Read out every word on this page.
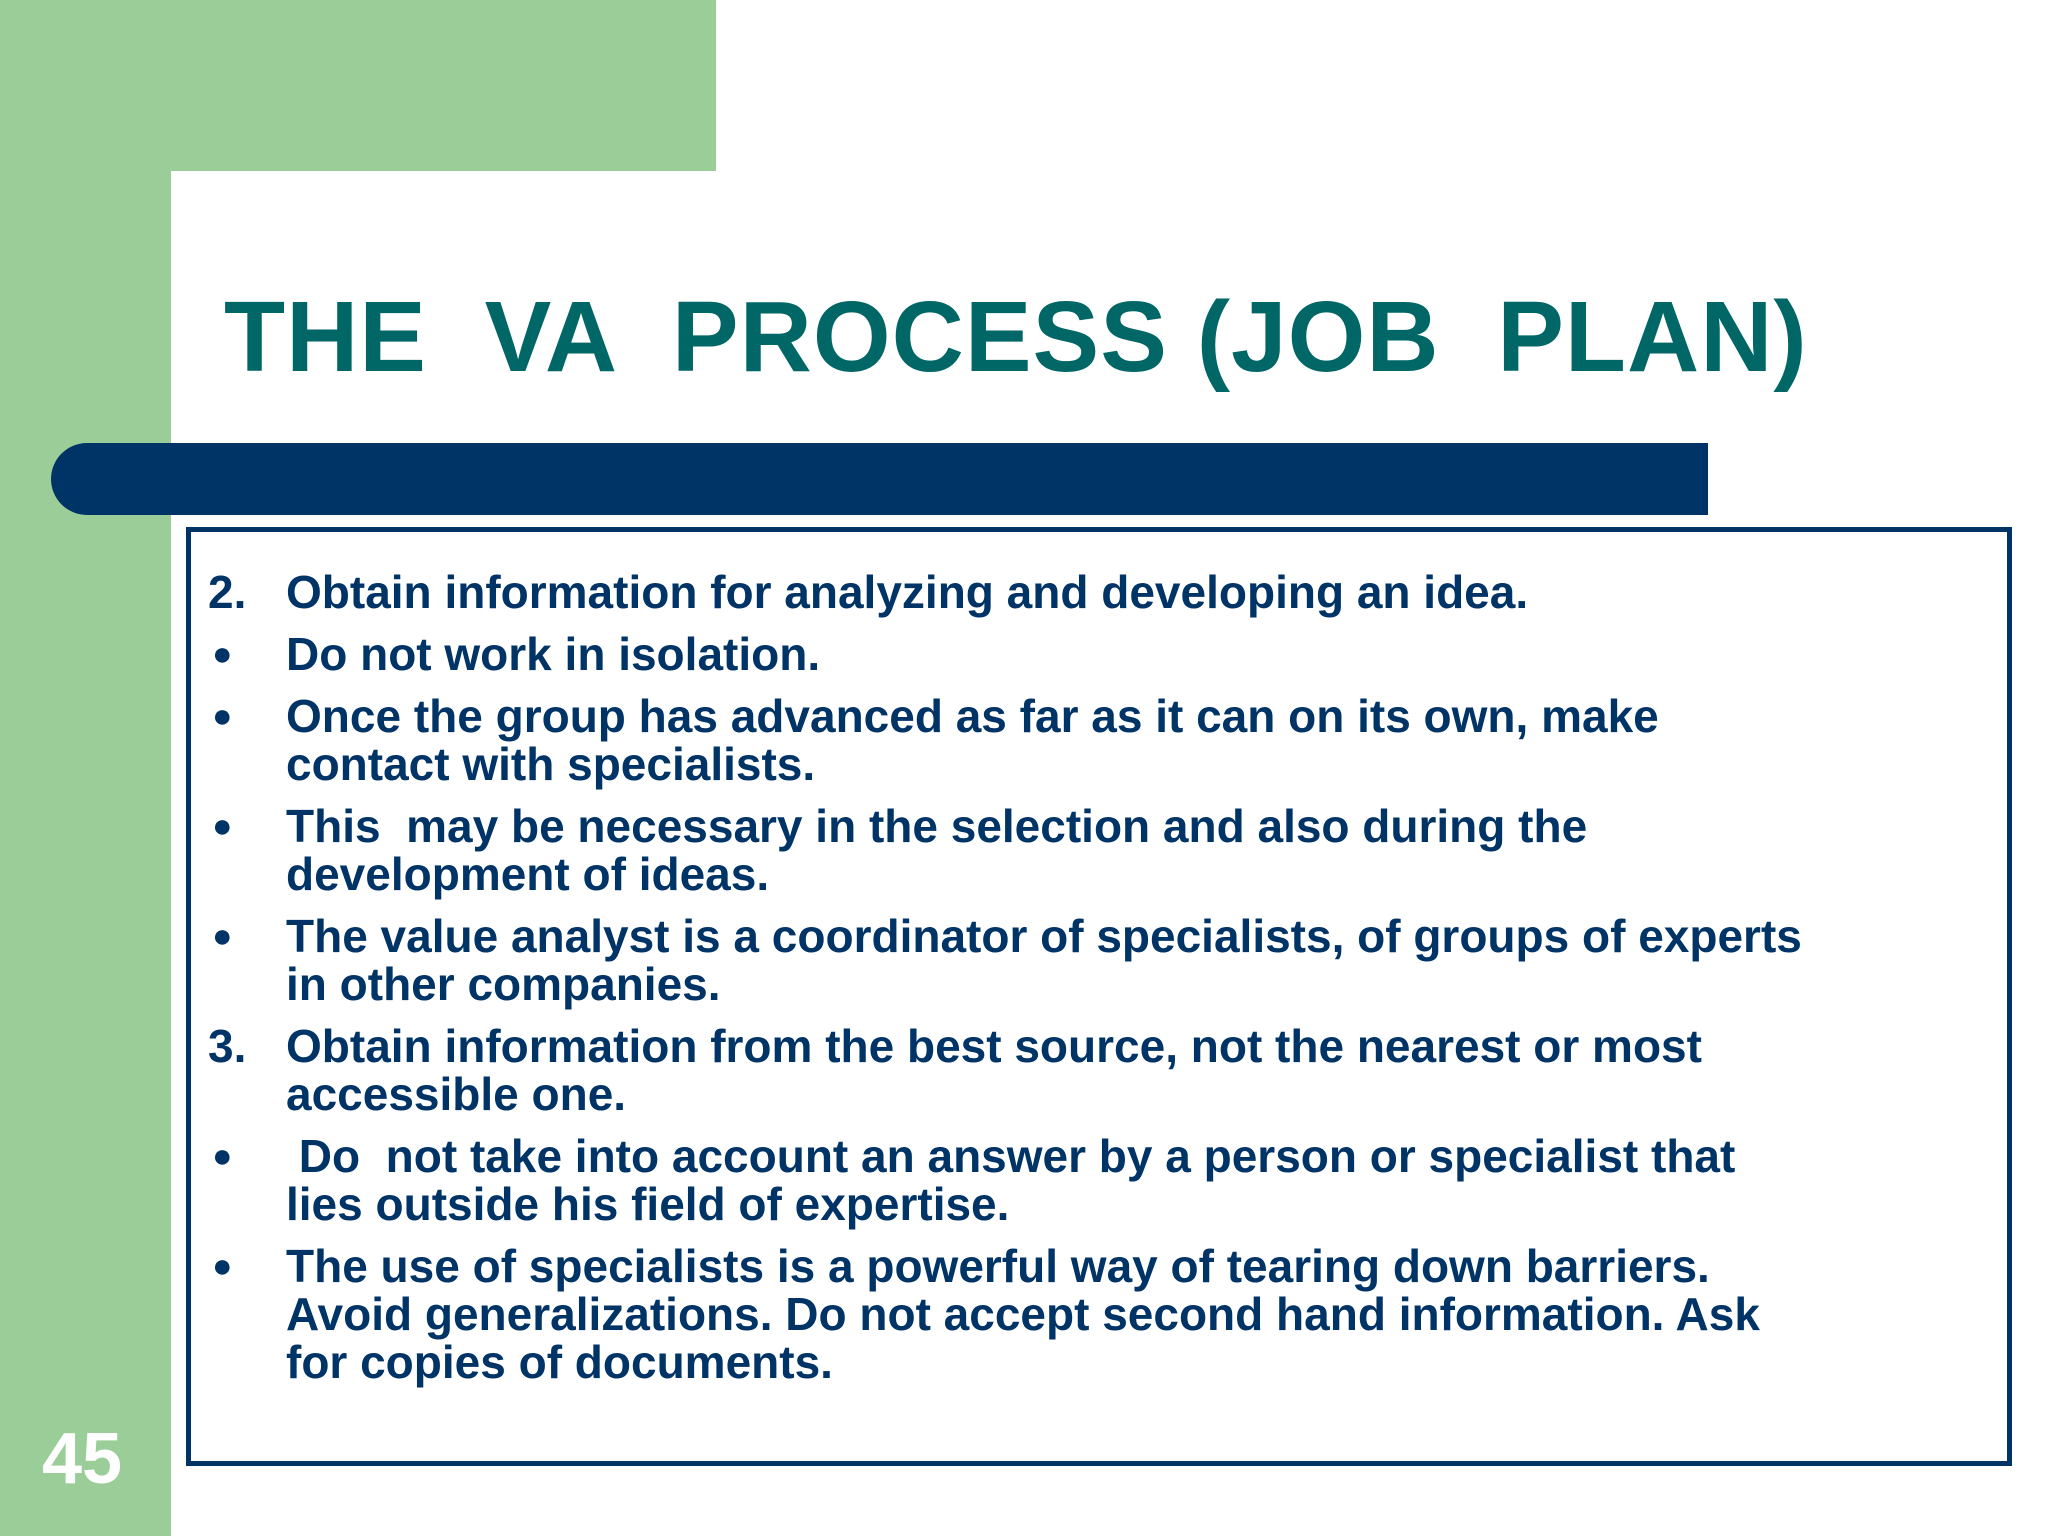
THE  VA  PROCESS (JOB  PLAN)
2. Obtain information for analyzing and developing an idea.
● Do not work in isolation.
● Once the group has advanced as far as it can on its own, make
contact with specialists.
● This  may be necessary in the selection and also during the
development of ideas.
● The value analyst is a coordinator of specialists, of groups of experts
in other companies.
3. Obtain information from the best source, not the nearest or most
accessible one.
● Do  not take into account an answer by a person or specialist that
lies outside his field of expertise.
● The use of specialists is a powerful way of tearing down barriers.
Avoid generalizations. Do not accept second hand information. Ask
for copies of documents.
45
